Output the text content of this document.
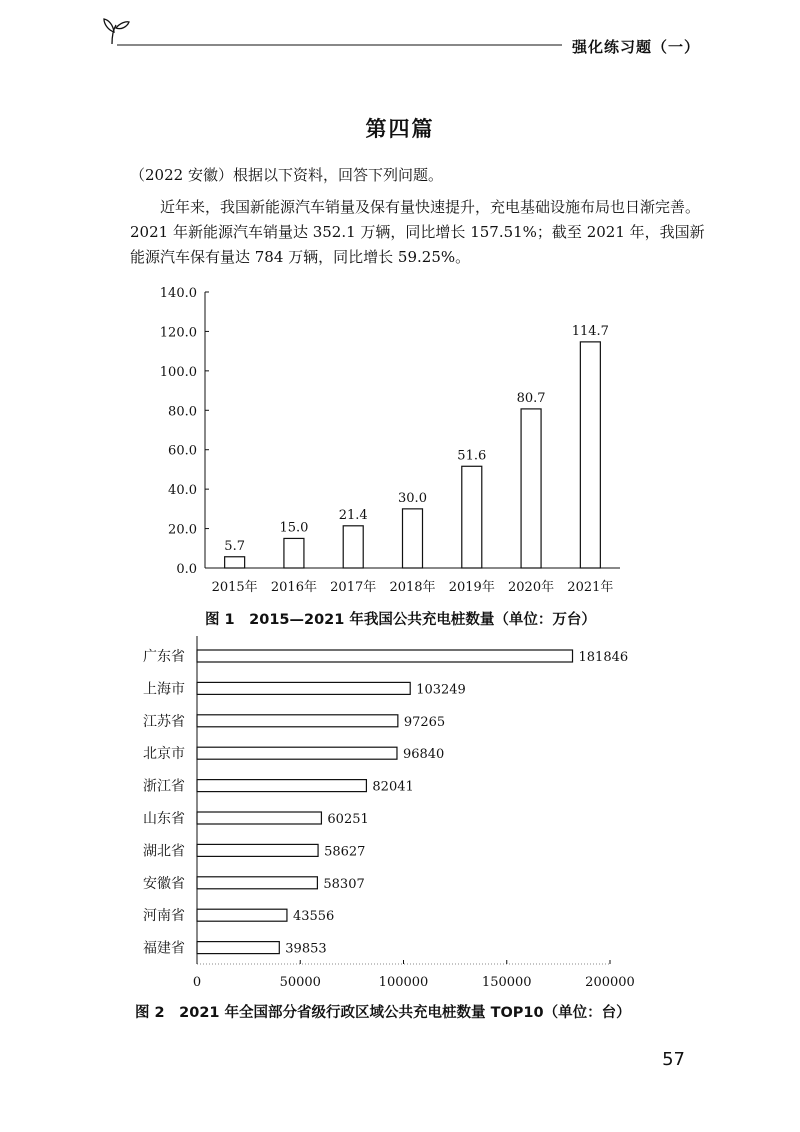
强化练习题（一）
第四篇
（2022 安徽）根据以下资料，回答下列问题。
近年来，我国新能源汽车销量及保有量快速提升，充电基础设施布局也日渐完善。2021 年新能源汽车销量达 352.1 万辆，同比增长 157.51%；截至 2021 年，我国新能源汽车保有量达 784 万辆，同比增长 59.25%。
0.0
20.0
40.0
60.0
80.0
100.0
120.0
140.0
5.7
2015年
15.0
2016年
21.4
2017年
30.0
2018年
51.6
2019年
80.7
2020年
114.7
2021年
图 1　2015—2021 年我国公共充电桩数量（单位：万台）
0	50000	100000	150000	200000
181846
广东省
103249
上海市
97265
江苏省
96840
北京市
82041
浙江省
60251
山东省
58627
湖北省
58307
安徽省
43556
河南省
39853
福建省
图 2　2021 年全国部分省级行政区域公共充电桩数量 TOP10（单位：台）
57
